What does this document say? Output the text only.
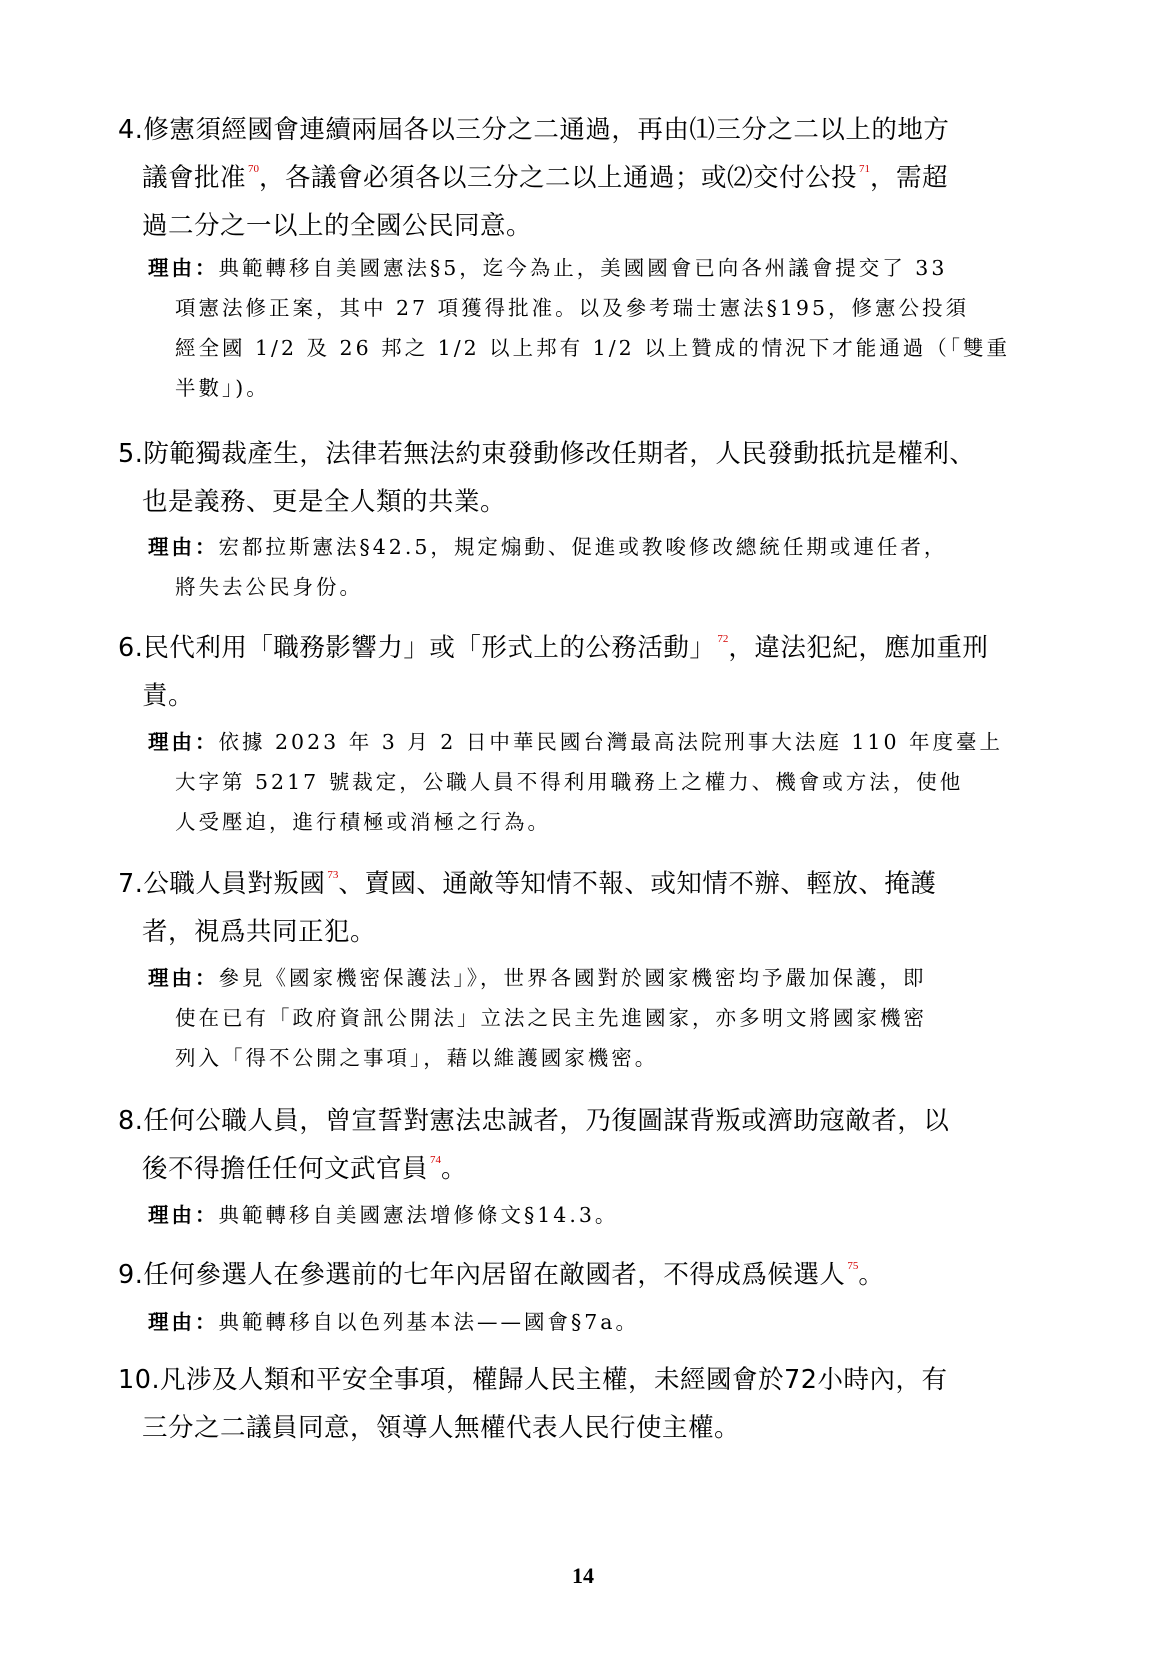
4.修憲須經國會連續兩屆各以三分之二通過，再由⑴三分之二以上的地方
議會批准 $^{70}$，各議會必須各以三分之二以上通過；或⑵交付公投 $^{71}$，需超
過二分之一以上的全國公民同意。
理由：典範轉移自美國憲法§5，迄今為止，美國國會已向各州議會提交了 33
項憲法修正案，其中 27 項獲得批准。以及參考瑞士憲法§195，修憲公投須
經全國 1/2 及 26 邦之 1/2 以上邦有 1/2 以上贊成的情況下才能通過（「雙重
半數」)。
5.防範獨裁產生，法律若無法約束發動修改任期者，人民發動抵抗是權利、
也是義務、更是全人類的共業。
理由：宏都拉斯憲法§42.5，規定煽動、促進或教唆修改總統任期或連任者，
將失去公民身份。
6.民代利用「職務影響力」或「形式上的公務活動」 $^{72}$，違法犯紀，應加重刑
責。
理由：依據 2023 年 3 月 2 日中華民國台灣最高法院刑事大法庭 110 年度臺上
大字第 5217 號裁定，公職人員不得利用職務上之權力、機會或方法，使他
人受壓迫，進行積極或消極之行為。
7.公職人員對叛國 $^{73}$、賣國、通敵等知情不報、或知情不辦、輕放、掩護
者，視爲共同正犯。
理由：參見《國家機密保護法」》，世界各國對於國家機密均予嚴加保護，即
使在已有「政府資訊公開法」立法之民主先進國家，亦多明文將國家機密
列入「得不公開之事項」，藉以維護國家機密。
8.任何公職人員，曾宣誓對憲法忠誠者，乃復圖謀背叛或濟助寇敵者，以
後不得擔任任何文武官員 $^{74}$。
理由：典範轉移自美國憲法增修條文§14.3。
9.任何參選人在參選前的七年內居留在敵國者，不得成爲候選人 $^{75}$。
理由：典範轉移自以色列基本法——國會§7a。
10.凡涉及人類和平安全事項，權歸人民主權，未經國會於72小時內，有
三分之二議員同意，領導人無權代表人民行使主權。
14
